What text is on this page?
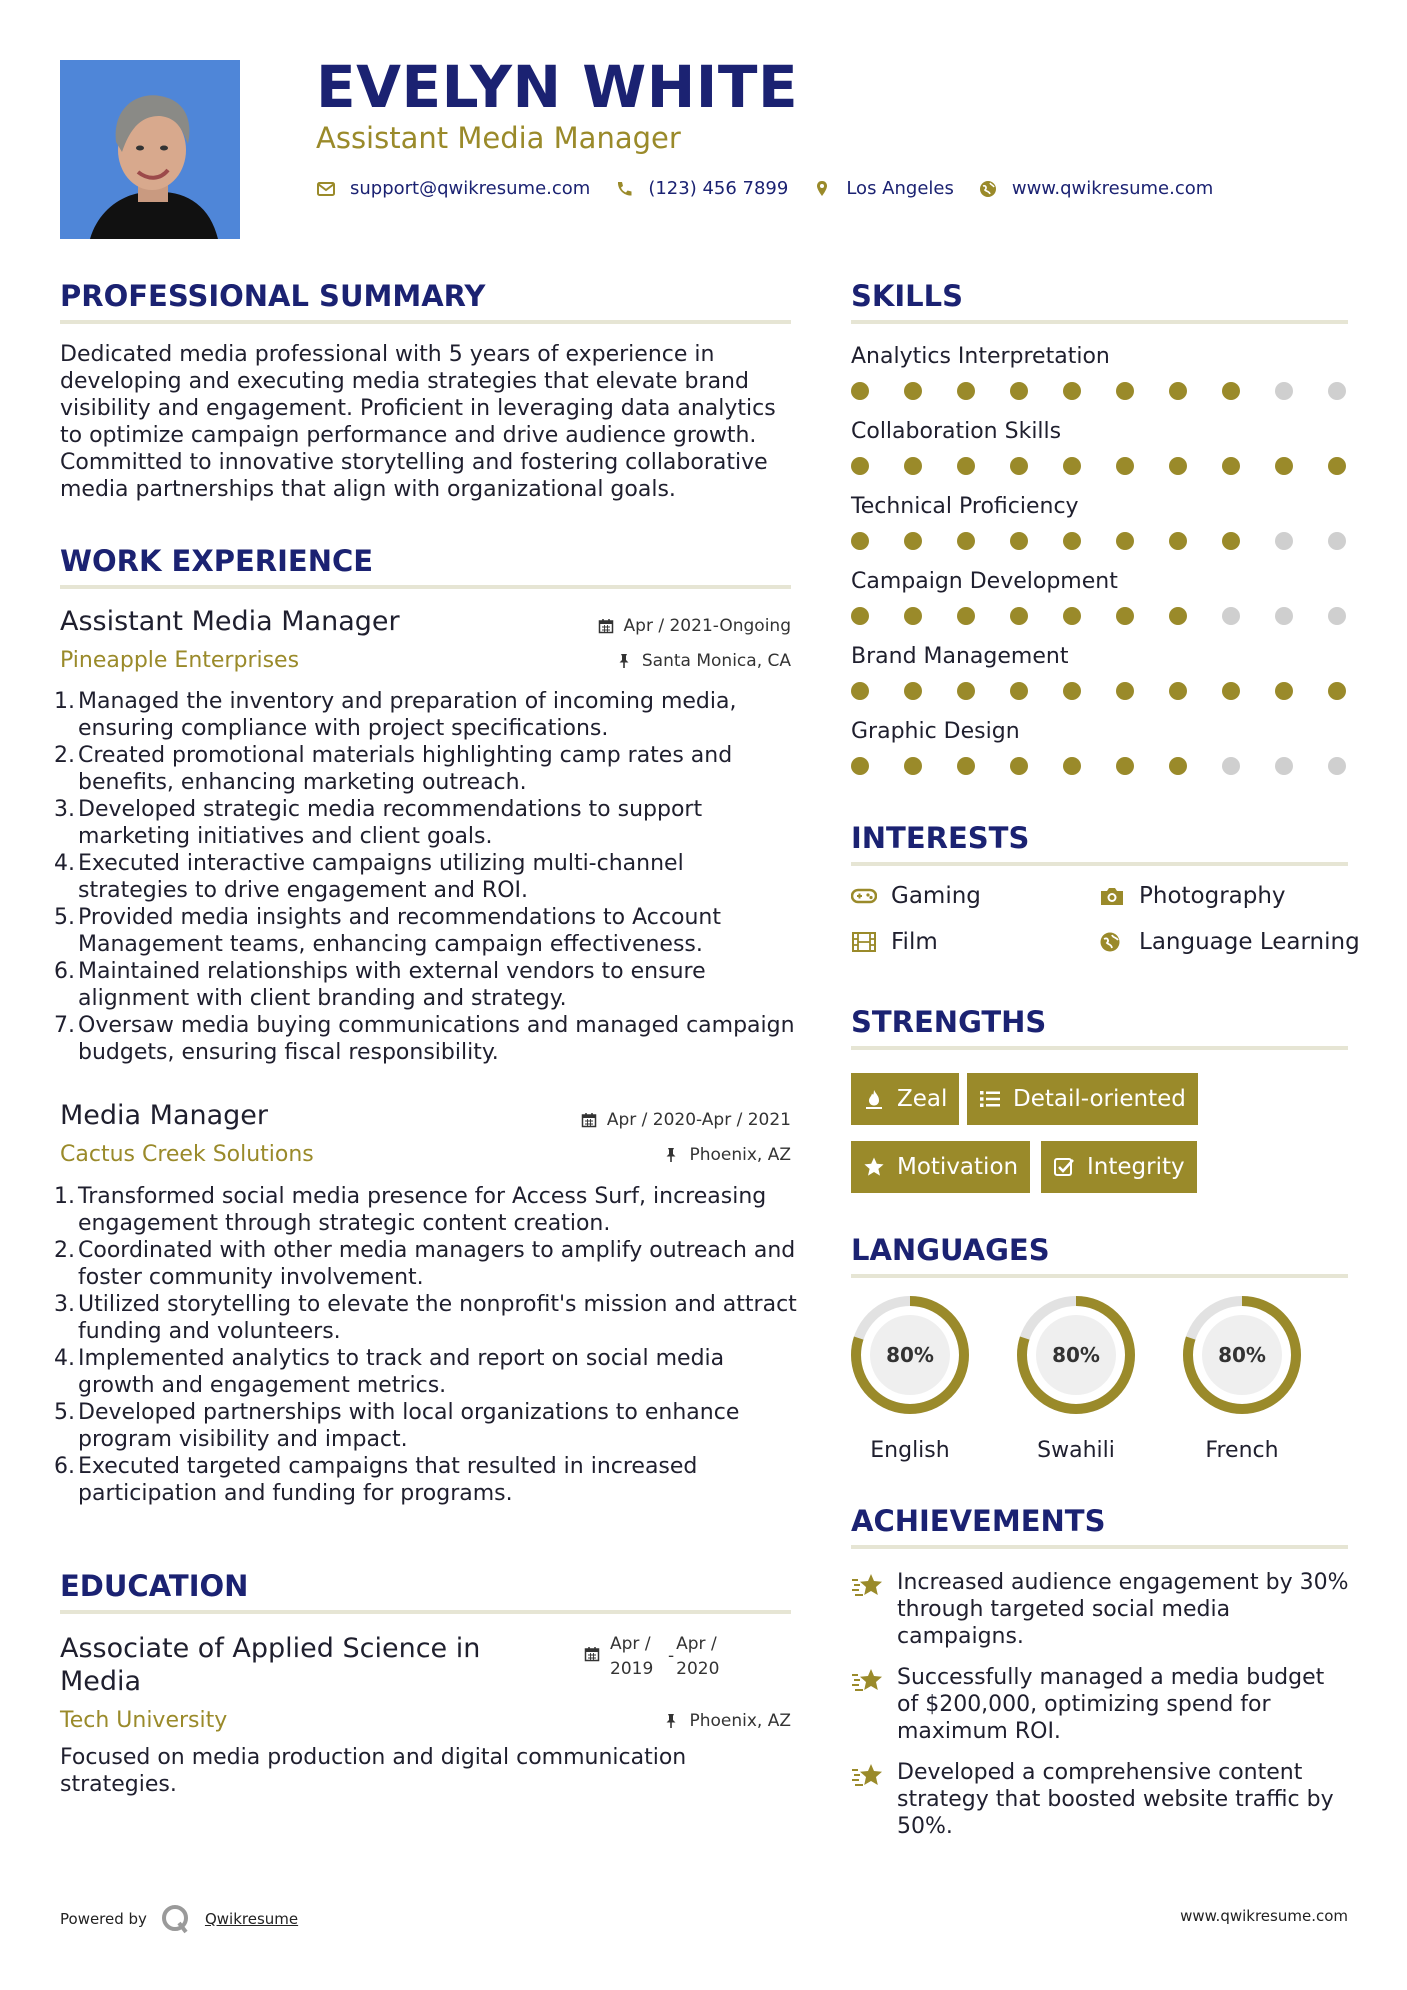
EVELYN WHITE
Assistant Media Manager
support@qwikresume.com	(123) 456 7899	Los Angeles	www.qwikresume.com
PROFESSIONAL SUMMARY
Dedicated media professional with 5 years of experience in developing and executing media strategies that elevate brand visibility and engagement. Proficient in leveraging data analytics to optimize campaign performance and drive audience growth. Committed to innovative storytelling and fostering collaborative media partnerships that align with organizational goals.
WORK EXPERIENCE
Assistant Media Manager	Apr / 2021-Ongoing
Pineapple Enterprises	Santa Monica, CA
1. Managed the inventory and preparation of incoming media, ensuring compliance with project specifications.
2. Created promotional materials highlighting camp rates and benefits, enhancing marketing outreach.
3. Developed strategic media recommendations to support marketing initiatives and client goals.
4. Executed interactive campaigns utilizing multi-channel strategies to drive engagement and ROI.
5. Provided media insights and recommendations to Account Management teams, enhancing campaign effectiveness.
6. Maintained relationships with external vendors to ensure alignment with client branding and strategy.
7. Oversaw media buying communications and managed campaign budgets, ensuring fiscal responsibility.
Media Manager	Apr / 2020-Apr / 2021
Cactus Creek Solutions	Phoenix, AZ
1. Transformed social media presence for Access Surf, increasing engagement through strategic content creation.
2. Coordinated with other media managers to amplify outreach and foster community involvement.
3. Utilized storytelling to elevate the nonprofit's mission and attract funding and volunteers.
4. Implemented analytics to track and report on social media growth and engagement metrics.
5. Developed partnerships with local organizations to enhance program visibility and impact.
6. Executed targeted campaigns that resulted in increased participation and funding for programs.
EDUCATION
Associate of Applied Science in
Media
Apr /
2019
-
Apr /
2020
Tech University	Phoenix, AZ
Focused on media production and digital communication strategies.
SKILLS
Analytics Interpretation
Collaboration Skills
Technical Proficiency
Campaign Development
Brand Management
Graphic Design
INTERESTS
Gaming	Photography
Film	Language Learning
STRENGTHS
Zeal	Detail-oriented
Motivation	Integrity
LANGUAGES
80%
English
80%
Swahili
80%
French
ACHIEVEMENTS
Increased audience engagement by 30% through targeted social media campaigns.
Successfully managed a media budget of $200,000, optimizing spend for maximum ROI.
Developed a comprehensive content strategy that boosted website traffic by 50%.
Powered by	Qwikresume	www.qwikresume.com
